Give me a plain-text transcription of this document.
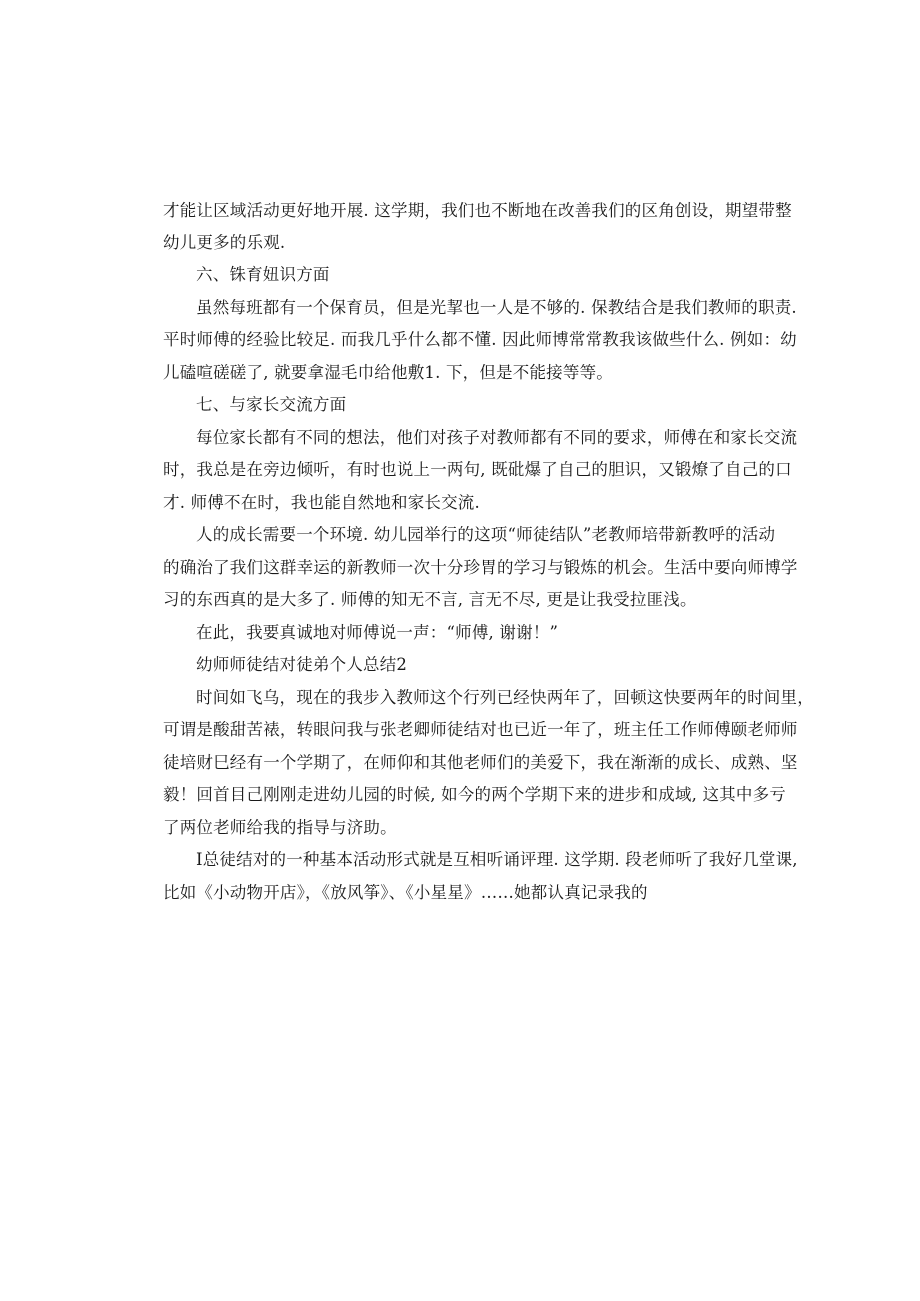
才能让区域活动更好地开展. 这学期，我们也不断地在改善我们的区角创设，期望带整
幼儿更多的乐观.
六、铢育妞识方面
虽然每班都有一个保育员，但是光挈也一人是不够的. 保教结合是我们教师的职责.
平时师傅的经验比较足. 而我几乎什么都不懂. 因此师博常常教我该做些什么. 例如：幼
儿磕喧磋磋了, 就要拿湿毛巾给他敷1. 下，但是不能接等等。
七、与家长交流方面
每位家长都有不同的想法，他们对孩子对教师都有不同的要求，师傅在和家长交流
时，我总是在旁边倾听，有时也说上一两句, 既砒爆了自己的胆识，又锻燎了自己的口
才. 师傅不在时，我也能自然地和家长交流.
人的成长需要一个环境. 幼儿园举行的这项“师徒结队”老教师培带新教呼的活动
的确治了我们这群幸运的新教师一次十分珍胃的学习与锻炼的机会。生活中要向师博学
习的东西真的是大多了. 师傅的知无不言, 言无不尽, 更是让我受拉匪浅。
在此，我要真诚地对师傅说一声：“师傅, 谢谢！”
幼师师徒结对徒弟个人总结2
时间如飞乌，现在的我步入教师这个行列已经快两年了，回顿这快要两年的时间里，
可谓是酸甜苦裱，转眼问我与张老卿师徒结对也已近一年了，班主任工作师傅颐老师师
徒培财巳经有一个学期了，在师仰和其他老师们的美爱下，我在渐渐的成长、成熟、坚
毅！回首目己刚刚走进幼儿园的时候, 如今的两个学期下来的进步和成域, 这其中多亏
了两位老师给我的指导与济助。
I总徒结对的一种基本活动形式就是互相听诵评理. 这学期. 段老师听了我好几堂课,
比如《小动物开店》，《放风筝》、《小星星》……她都认真记录我的
